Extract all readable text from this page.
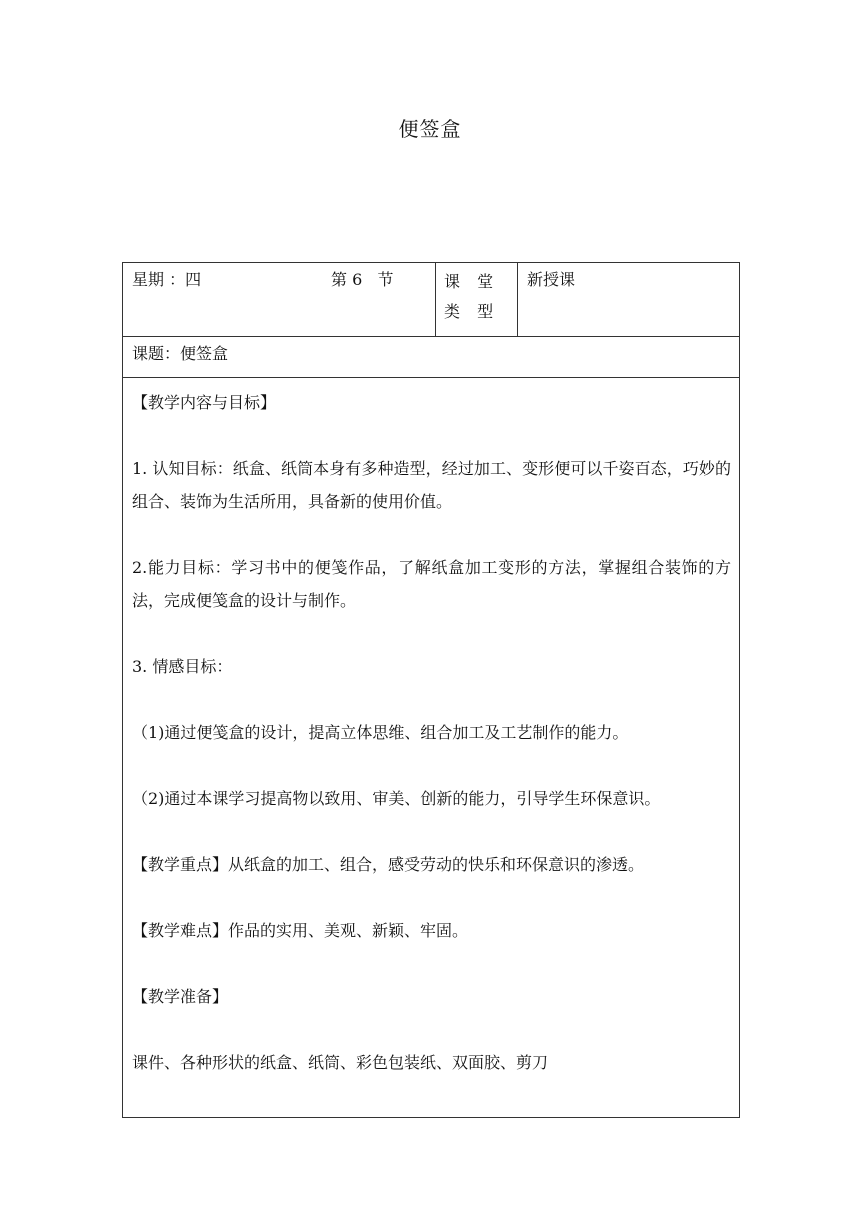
便签盒
星期 ：四	第 6   节	课 堂 类 型	新授课
课题：便签盒

【教学内容与目标】

1. 认知目标：纸盒、纸筒本身有多种造型，经过加工、变形便可以千姿百态，巧妙的组合、装饰为生活所用，具备新的使用价值。

2.能力目标：学习书中的便笺作品，了解纸盒加工变形的方法，掌握组合装饰的方法，完成便笺盒的设计与制作。

3. 情感目标：

（1)通过便笺盒的设计，提高立体思维、组合加工及工艺制作的能力。

（2)通过本课学习提高物以致用、审美、创新的能力，引导学生环保意识。

【教学重点】从纸盒的加工、组合，感受劳动的快乐和环保意识的渗透。

【教学难点】作品的实用、美观、新颖、牢固。

【教学准备】

课件、各种形状的纸盒、纸筒、彩色包装纸、双面胶、剪刀
